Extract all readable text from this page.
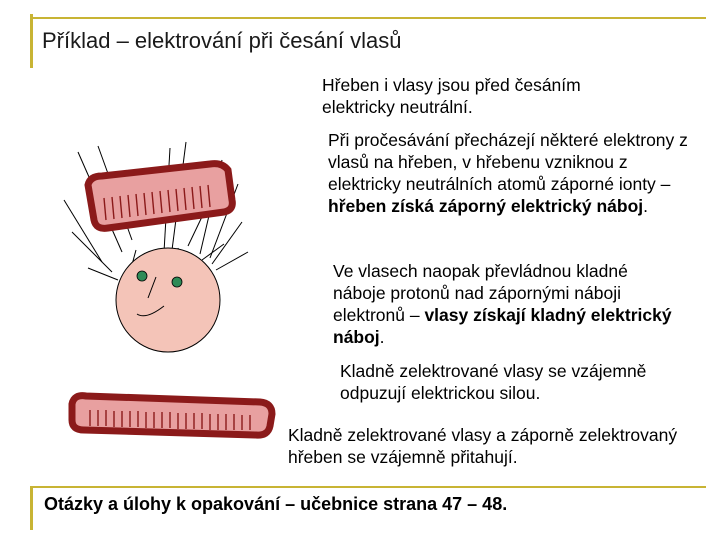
Příklad – elektrování při česání vlasů
Hřeben i vlasy jsou před česáním elektricky neutrální.
Při pročesávání přecházejí některé elektrony z vlasů na hřeben, v hřebenu vzniknou z elektricky neutrálních atomů záporné ionty – hřeben získá záporný elektrický náboj.
Ve vlasech naopak převládnou kladné náboje protonů nad zápornými náboji elektronů – vlasy získají kladný elektrický náboj.
Kladně zelektrované vlasy se vzájemně odpuzují elektrickou silou.
Kladně zelektrované vlasy a záporně zelektrovaný hřeben se vzájemně přitahují.
Otázky a úlohy k opakování – učebnice strana 47 – 48.
